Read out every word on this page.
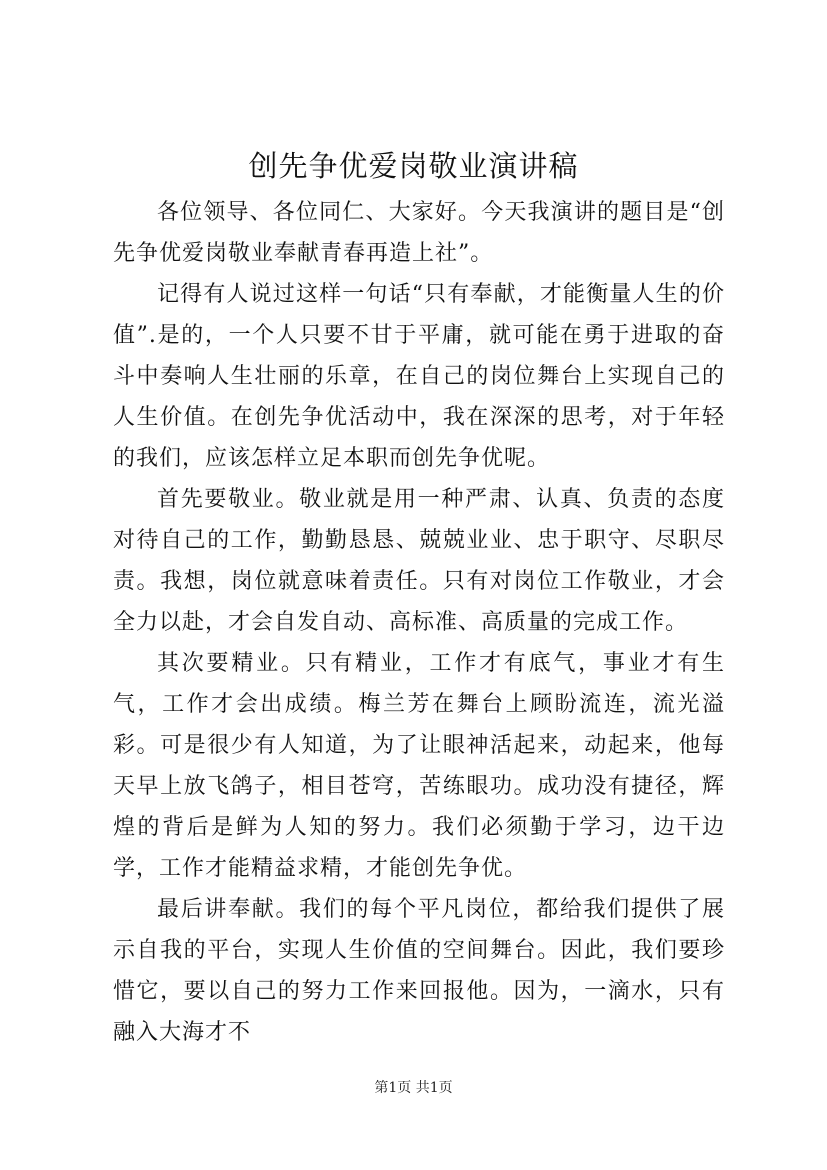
创先争优爱岗敬业演讲稿

各位领导、各位同仁、大家好。今天我演讲的题目是“创先争优爱岗敬业奉献青春再造上社”。

记得有人说过这样一句话“只有奉献，才能衡量人生的价值”.是的，一个人只要不甘于平庸，就可能在勇于进取的奋斗中奏响人生壮丽的乐章，在自己的岗位舞台上实现自己的人生价值。在创先争优活动中，我在深深的思考，对于年轻的我们，应该怎样立足本职而创先争优呢。

首先要敬业。敬业就是用一种严肃、认真、负责的态度对待自己的工作，勤勤恳恳、兢兢业业、忠于职守、尽职尽责。我想，岗位就意味着责任。只有对岗位工作敬业，才会全力以赴，才会自发自动、高标准、高质量的完成工作。

其次要精业。只有精业，工作才有底气，事业才有生气，工作才会出成绩。梅兰芳在舞台上顾盼流连，流光溢彩。可是很少有人知道，为了让眼神活起来，动起来，他每天早上放飞鸽子，相目苍穹，苦练眼功。成功没有捷径，辉煌的背后是鲜为人知的努力。我们必须勤于学习，边干边学，工作才能精益求精，才能创先争优。

最后讲奉献。我们的每个平凡岗位，都给我们提供了展示自我的平台，实现人生价值的空间舞台。因此，我们要珍惜它，要以自己的努力工作来回报他。因为，一滴水，只有融入大海才不

第1页 共1页
